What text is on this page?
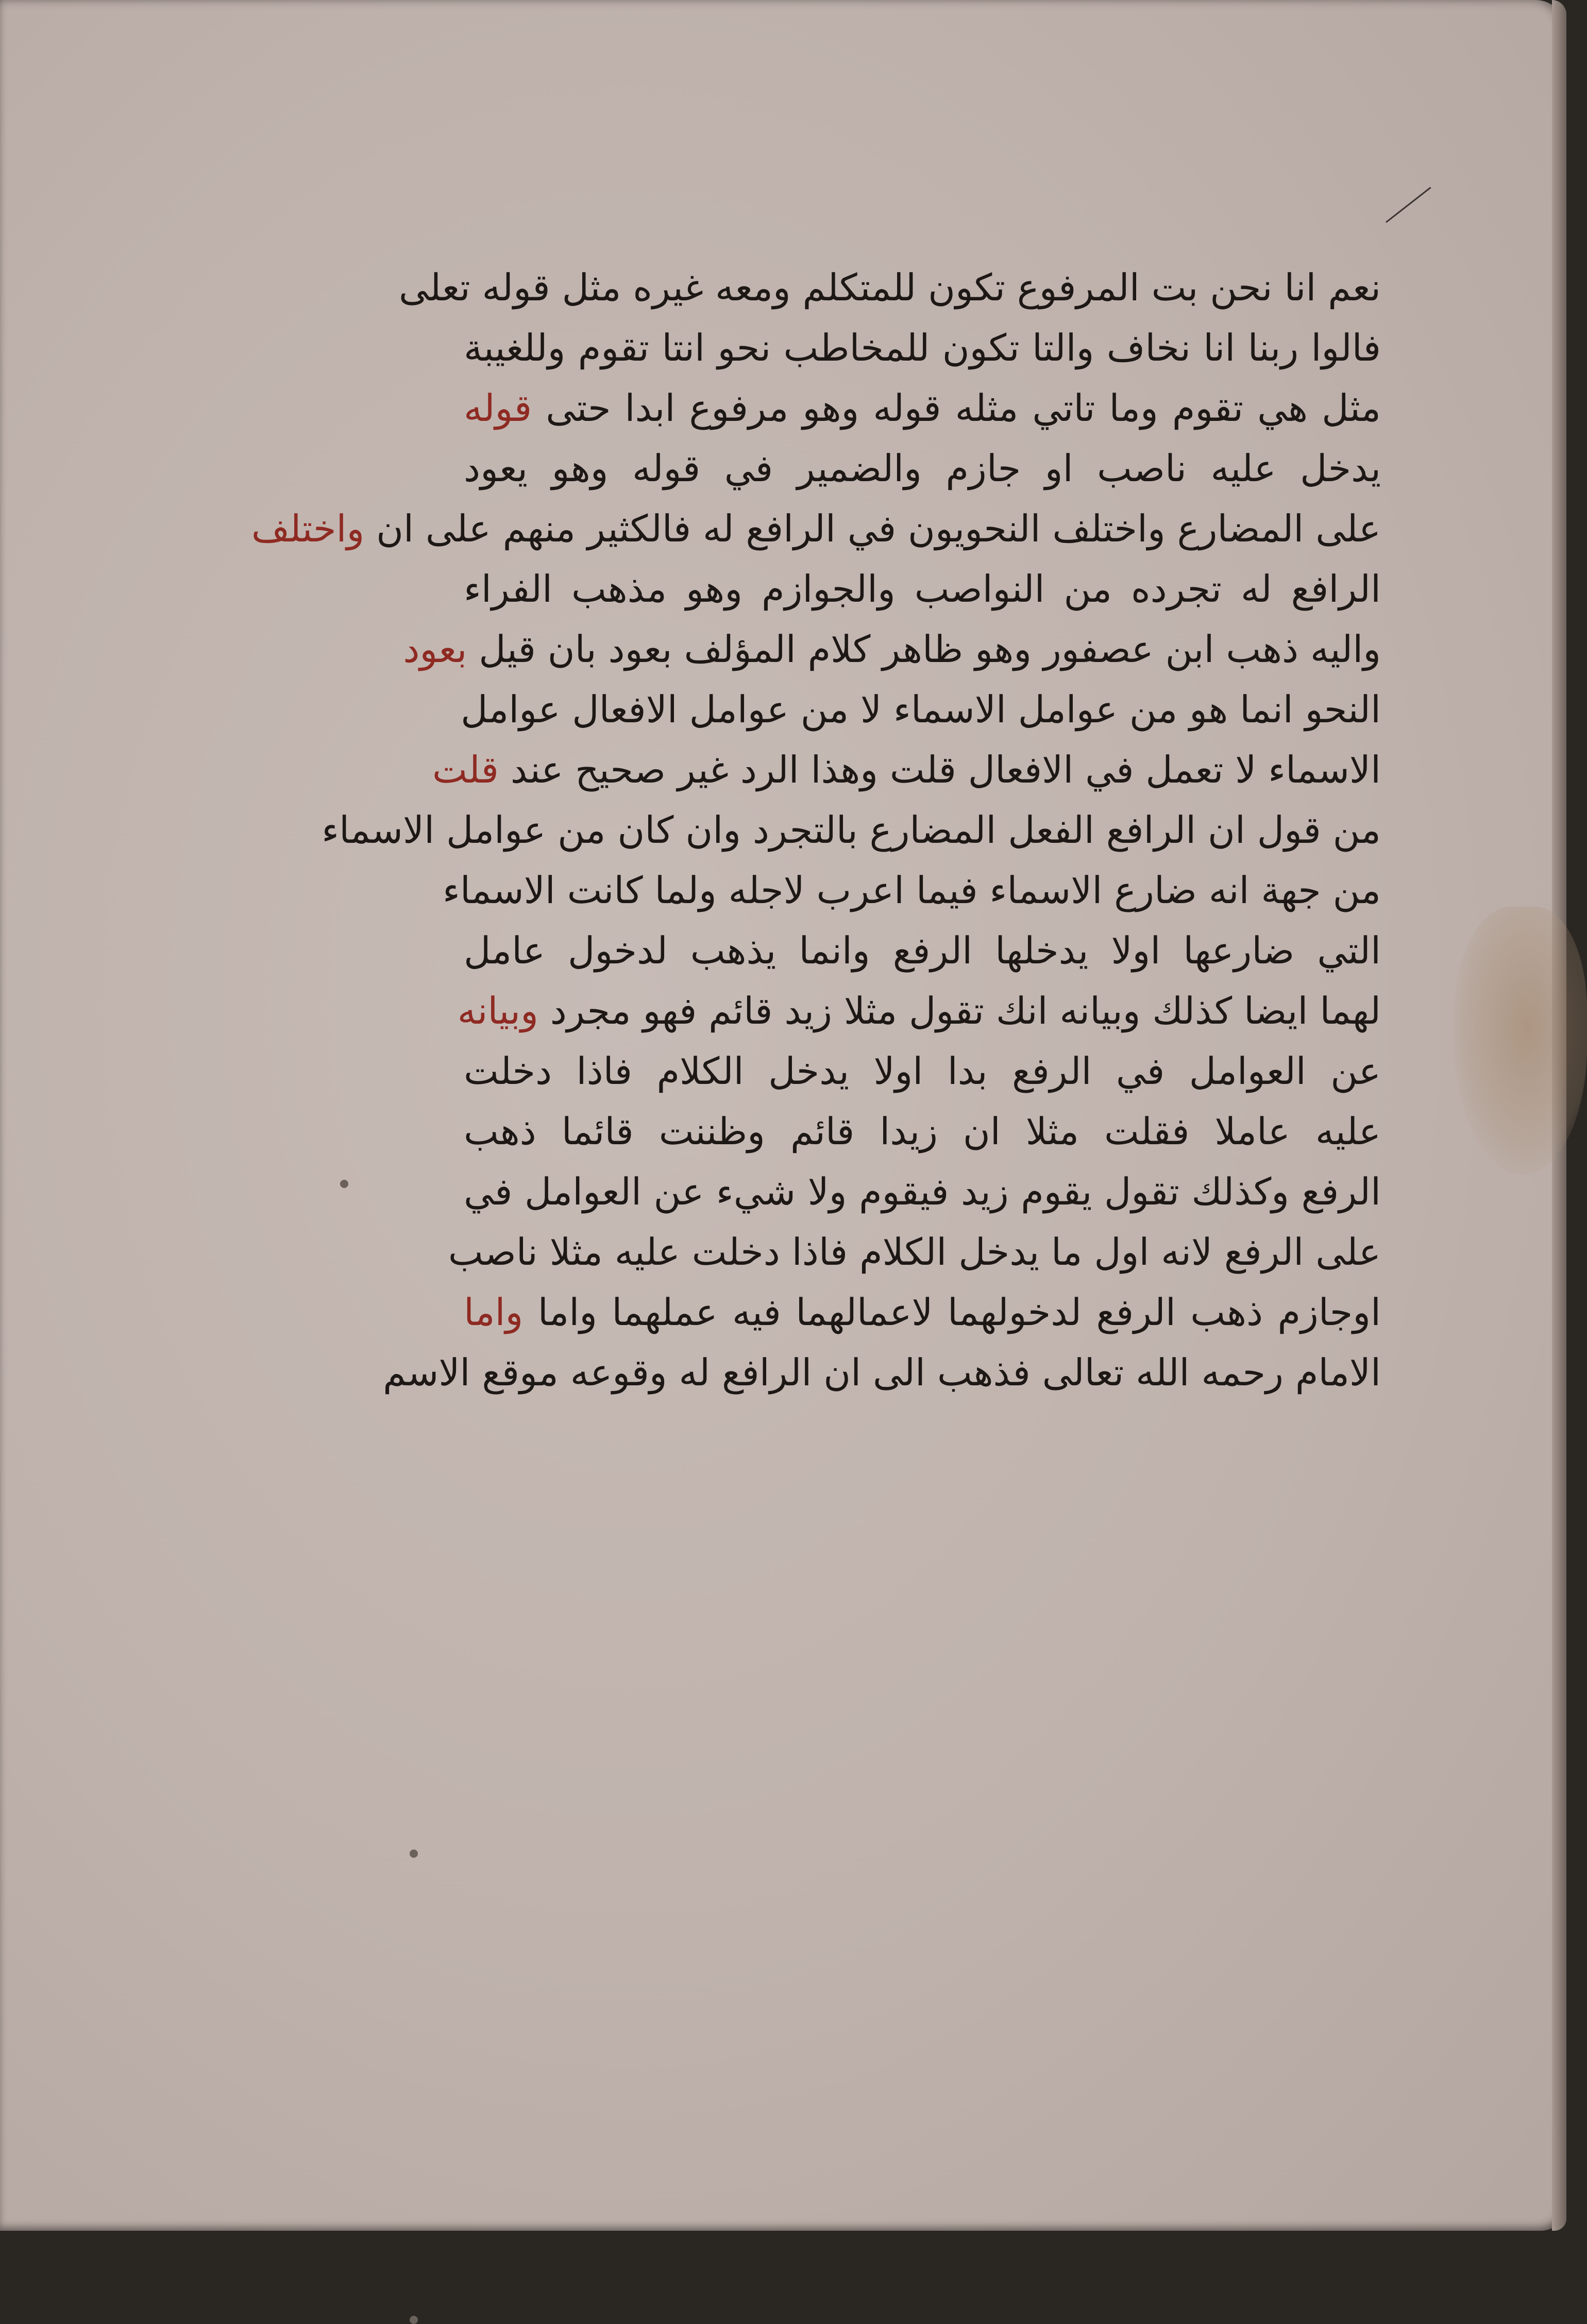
نعم انا نحن بت المرفوع تكون للمتكلم ومعه غيره مثل قوله تعلى
فالوا ربنا انا نخاف والتا تكون للمخاطب نحو انتا تقوم وللغيبة
مثل هي تقوم وما تاتي مثله قوله وهو مرفوع ابدا حتى قوله
يدخل عليه ناصب او جازم والضمير في قوله وهو يعود
على المضارع واختلف النحويون في الرافع له فالكثير منهم على ان واختلف
الرافع له تجرده من النواصب والجوازم وهو مذهب الفراء
واليه ذهب ابن عصفور وهو ظاهر كلام المؤلف بعود بان قيل بعود
النحو انما هو من عوامل الاسماء لا من عوامل الافعال عوامل
الاسماء لا تعمل في الافعال قلت وهذا الرد غير صحيح عند قلت
من قول ان الرافع الفعل المضارع بالتجرد وان كان من عوامل الاسماء
من جهة انه ضارع الاسماء فيما اعرب لاجله ولما كانت الاسماء
التي ضارعها اولا يدخلها الرفع وانما يذهب لدخول عامل
لهما ايضا كذلك وبيانه انك تقول مثلا زيد قائم فهو مجرد وبيانه
عن العوامل في الرفع بدا اولا يدخل الكلام فاذا دخلت
عليه عاملا فقلت مثلا ان زيدا قائم وظننت قائما ذهب
الرفع وكذلك تقول يقوم زيد فيقوم ولا شيء عن العوامل في
على الرفع لانه اول ما يدخل الكلام فاذا دخلت عليه مثلا ناصب
اوجازم ذهب الرفع لدخولهما لاعمالهما فيه عملهما واما واما
الامام رحمه الله تعالى فذهب الى ان الرافع له وقوعه موقع الاسم
